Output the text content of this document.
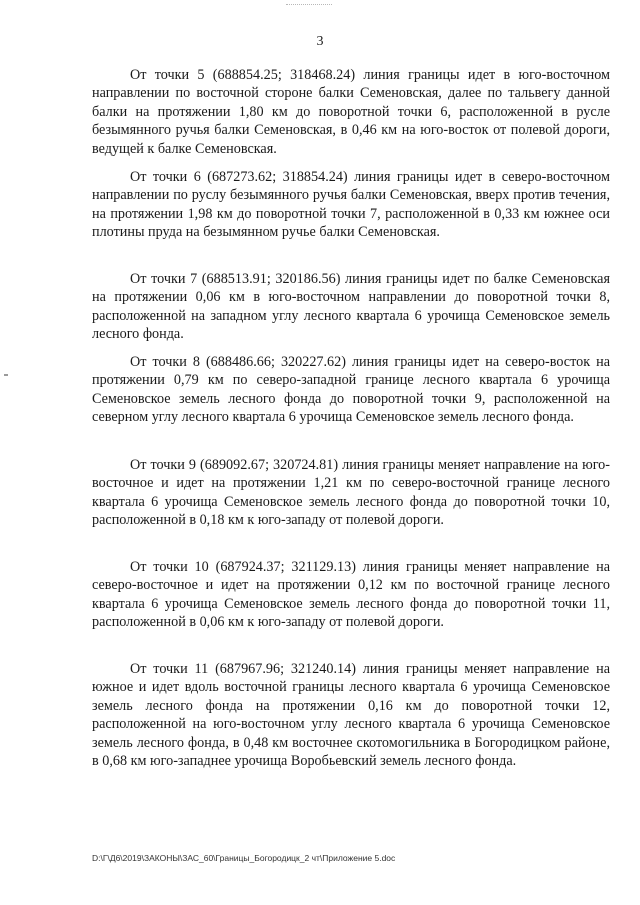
3

От точки 5 (688854.25; 318468.24) линия границы идет в юго-восточном направлении по восточной стороне балки Семеновская, далее по тальвегу данной балки на протяжении 1,80 км до поворотной точки 6, расположенной в русле безымянного ручья балки Семеновская, в 0,46 км на юго-восток от полевой дороги, ведущей к балке Семеновская.

От точки 6 (687273.62; 318854.24) линия границы идет в северо-восточном направлении по руслу безымянного ручья балки Семеновская, вверх против течения, на протяжении 1,98 км до поворотной точки 7, расположенной в 0,33 км южнее оси плотины пруда на безымянном ручье балки Семеновская.

От точки 7 (688513.91; 320186.56) линия границы идет по балке Семеновская на протяжении 0,06 км в юго-восточном направлении до поворотной точки 8, расположенной на западном углу лесного квартала 6 урочища Семеновское земель лесного фонда.

От точки 8 (688486.66; 320227.62) линия границы идет на северо-восток на протяжении 0,79 км по северо-западной границе лесного квартала 6 урочища Семеновское земель лесного фонда до поворотной точки 9, расположенной на северном углу лесного квартала 6 урочища Семеновское земель лесного фонда.

От точки 9 (689092.67; 320724.81) линия границы меняет направление на юго-восточное и идет на протяжении 1,21 км по северо-восточной границе лесного квартала 6 урочища Семеновское земель лесного фонда до поворотной точки 10, расположенной в 0,18 км к юго-западу от полевой дороги.

От точки 10 (687924.37; 321129.13) линия границы меняет направление на северо-восточное и идет на протяжении 0,12 км по восточной границе лесного квартала 6 урочища Семеновское земель лесного фонда до поворотной точки 11, расположенной в 0,06 км к юго-западу от полевой дороги.

От точки 11 (687967.96; 321240.14) линия границы меняет направление на южное и идет вдоль восточной границы лесного квартала 6 урочища Семеновское земель лесного фонда на протяжении 0,16 км до поворотной точки 12, расположенной на юго-восточном углу лесного квартала 6 урочища Семеновское земель лесного фонда, в 0,48 км восточнее скотомогильника в Богородицком районе, в 0,68 км юго-западнее урочища Воробьевский земель лесного фонда.

D:\Г\Д6\2019\ЗАКОНЫ\ЗАС_60\Границы_Богородицк_2 чт\Приложение 5.doc
